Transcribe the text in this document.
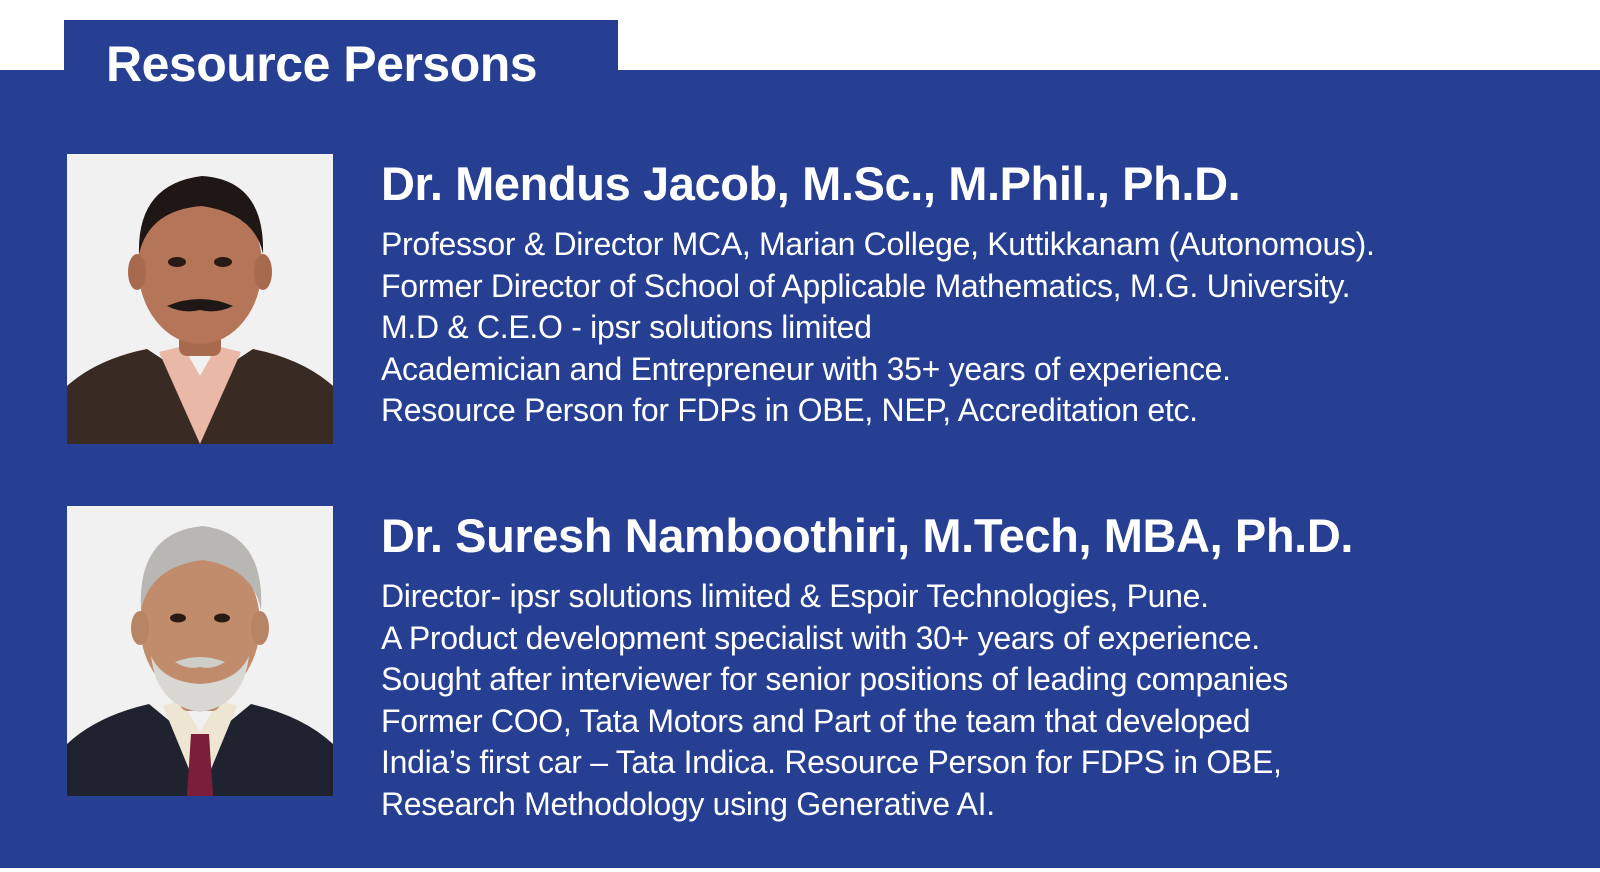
Resource Persons
Dr. Mendus Jacob, M.Sc., M.Phil., Ph.D.
Professor & Director MCA, Marian College, Kuttikkanam (Autonomous).
Former Director of School of Applicable Mathematics, M.G. University.
M.D & C.E.O - ipsr solutions limited
Academician and Entrepreneur with 35+ years of experience.
Resource Person for FDPs in OBE, NEP, Accreditation etc.
Dr. Suresh Namboothiri, M.Tech, MBA, Ph.D.
Director- ipsr solutions limited & Espoir Technologies, Pune.
A Product development specialist with 30+ years of experience.
Sought after interviewer for senior positions of leading companies
Former COO, Tata Motors and Part of the team that developed
India’s first car – Tata Indica. Resource Person for FDPS in OBE,
Research Methodology using Generative AI.
